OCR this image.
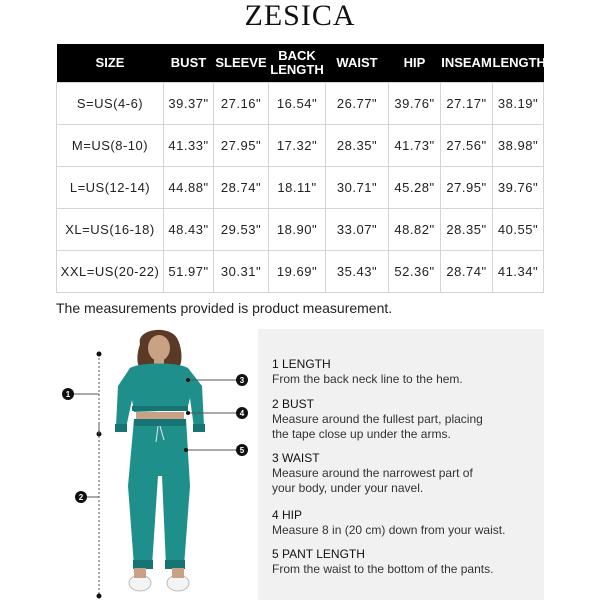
ZESICA
SIZE	BUST	SLEEVE	BACK LENGTH	WAIST	HIP	INSEAM	LENGTH
S=US(4-6)	39.37"	27.16"	16.54"	26.77"	39.76"	27.17"	38.19"
M=US(8-10)	41.33"	27.95"	17.32"	28.35"	41.73"	27.56"	38.98"
L=US(12-14)	44.88"	28.74"	18.11"	30.71"	45.28"	27.95"	39.76"
XL=US(16-18)	48.43"	29.53"	18.90"	33.07"	48.82"	28.35"	40.55"
XXL=US(20-22)	51.97"	30.31"	19.69"	35.43"	52.36"	28.74"	41.34"
The measurements provided is product measurement.
1
2
3
4
5
1 LENGTH
From the back neck line to the hem.
2 BUST
Measure around the fullest part, placing the tape close up under the arms.
3 WAIST
Measure around the narrowest part of your body, under your navel.
4 HIP
Measure 8 in (20 cm) down from your waist.
5 PANT LENGTH
From the waist to the bottom of the pants.
